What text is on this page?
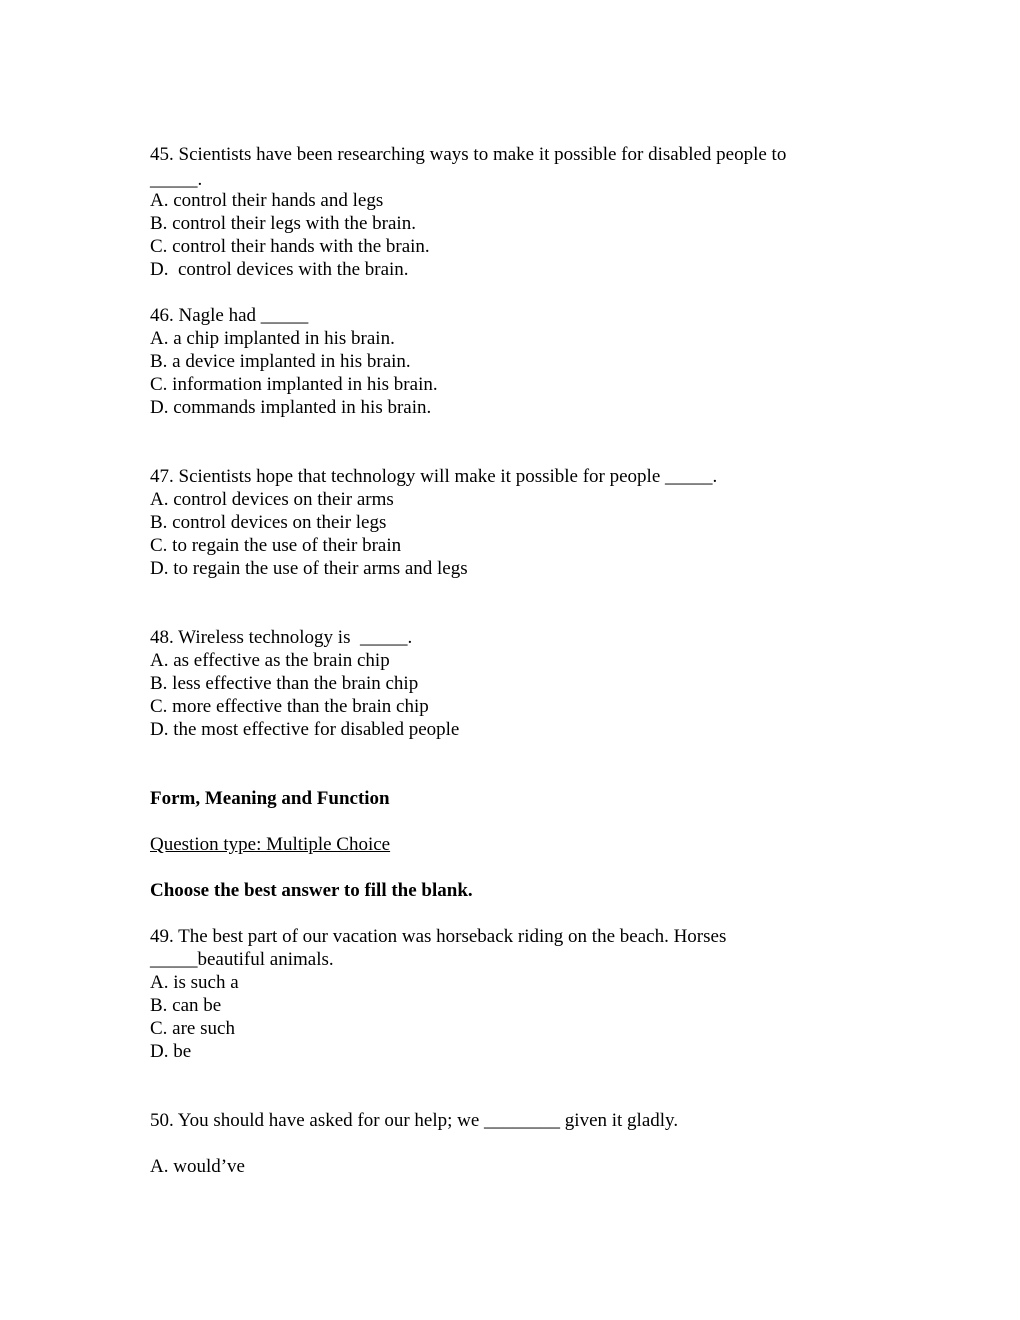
45. Scientists have been researching ways to make it possible for disabled people to
_____.
A. control their hands and legs
B. control their legs with the brain.
C. control their hands with the brain.
D.  control devices with the brain.
46. Nagle had _____
A. a chip implanted in his brain.
B. a device implanted in his brain.
C. information implanted in his brain.
D. commands implanted in his brain.
47. Scientists hope that technology will make it possible for people _____.
A. control devices on their arms
B. control devices on their legs
C. to regain the use of their brain
D. to regain the use of their arms and legs
48. Wireless technology is  _____.
A. as effective as the brain chip
B. less effective than the brain chip
C. more effective than the brain chip
D. the most effective for disabled people
Form, Meaning and Function
Question type: Multiple Choice
Choose the best answer to fill the blank.
49. The best part of our vacation was horseback riding on the beach. Horses
_____beautiful animals.
A. is such a
B. can be
C. are such
D. be
50. You should have asked for our help; we ________ given it gladly.
A. would’ve
